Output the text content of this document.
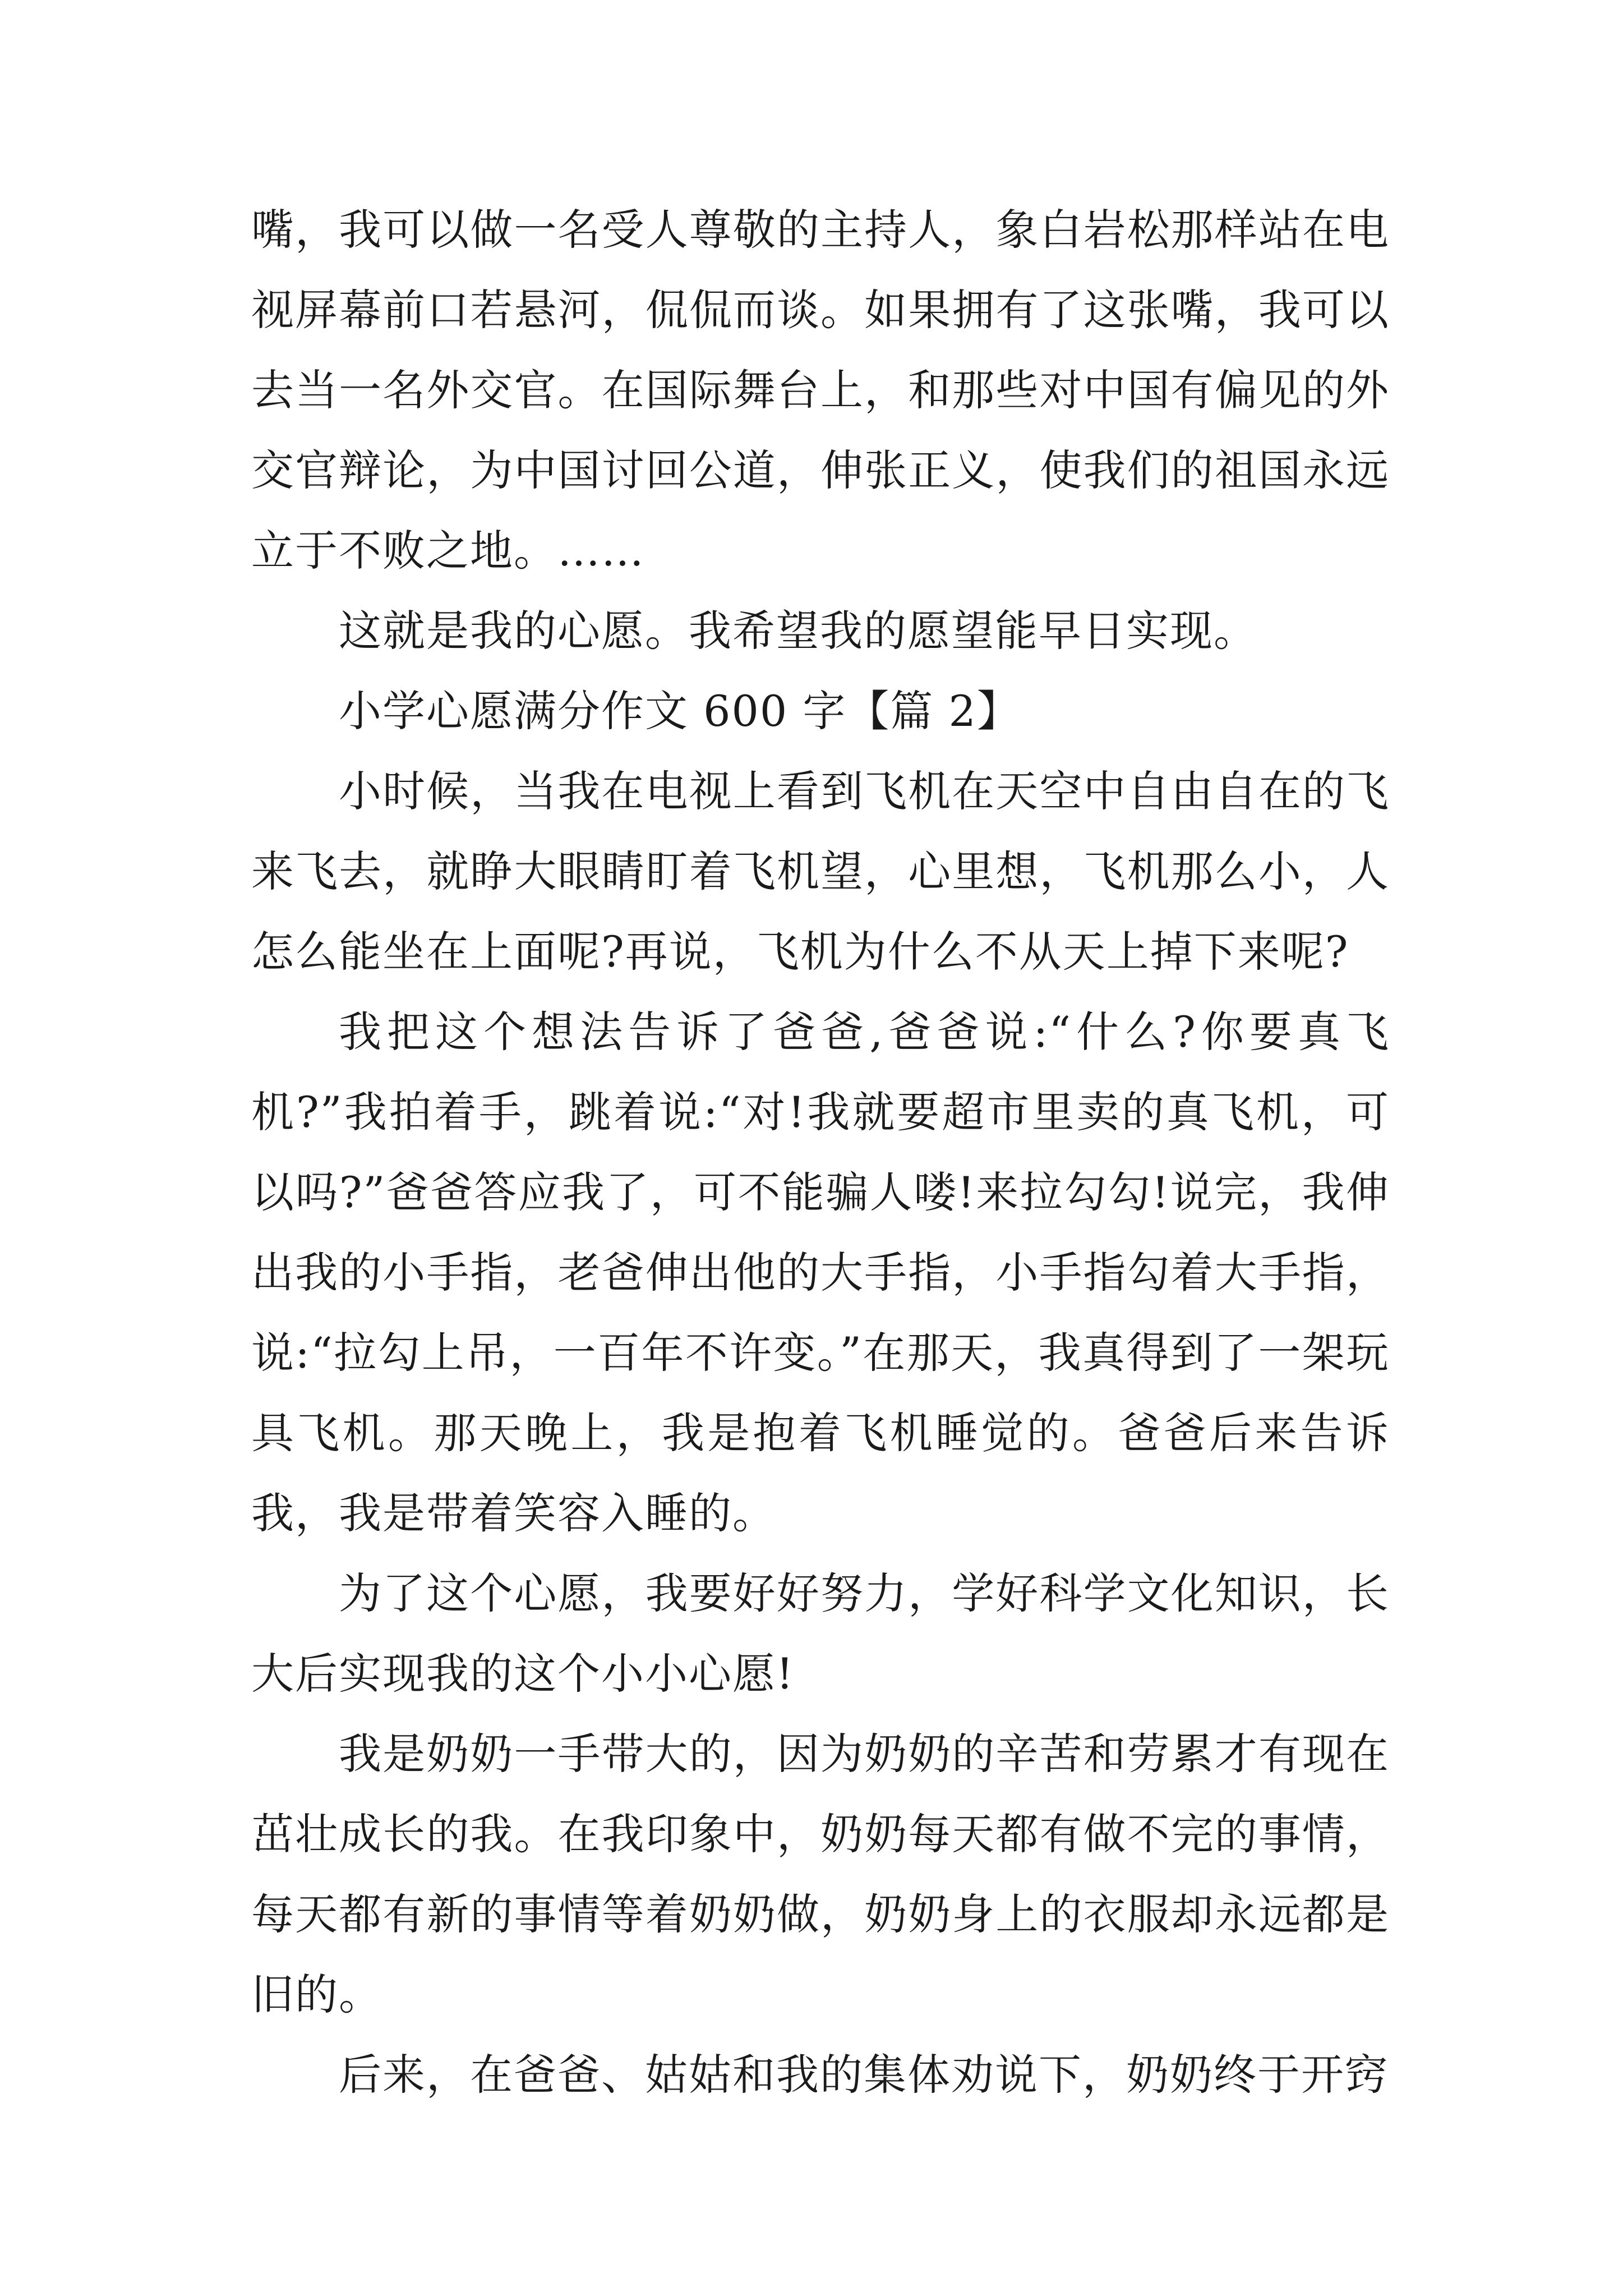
嘴，我可以做一名受人尊敬的主持人，象白岩松那样站在电视屏幕前口若悬河，侃侃而谈。如果拥有了这张嘴，我可以去当一名外交官。在国际舞台上，和那些对中国有偏见的外交官辩论，为中国讨回公道，伸张正义，使我们的祖国永远立于不败之地。……

这就是我的心愿。我希望我的愿望能早日实现。

小学心愿满分作文 600 字【篇 2】

小时候，当我在电视上看到飞机在天空中自由自在的飞来飞去，就睁大眼睛盯着飞机望，心里想，飞机那么小，人怎么能坐在上面呢?再说，飞机为什么不从天上掉下来呢?

我把这个想法告诉了爸爸,爸爸说:“什么?你要真飞机?”我拍着手，跳着说:“对!我就要超市里卖的真飞机，可以吗?”爸爸答应我了，可不能骗人喽!来拉勾勾!说完，我伸出我的小手指，老爸伸出他的大手指，小手指勾着大手指，说:“拉勾上吊，一百年不许变。”在那天，我真得到了一架玩具飞机。那天晚上，我是抱着飞机睡觉的。爸爸后来告诉我，我是带着笑容入睡的。

为了这个心愿，我要好好努力，学好科学文化知识，长大后实现我的这个小小心愿!

我是奶奶一手带大的，因为奶奶的辛苦和劳累才有现在茁壮成长的我。在我印象中，奶奶每天都有做不完的事情，每天都有新的事情等着奶奶做，奶奶身上的衣服却永远都是旧的。

后来，在爸爸、姑姑和我的集体劝说下，奶奶终于开窍
